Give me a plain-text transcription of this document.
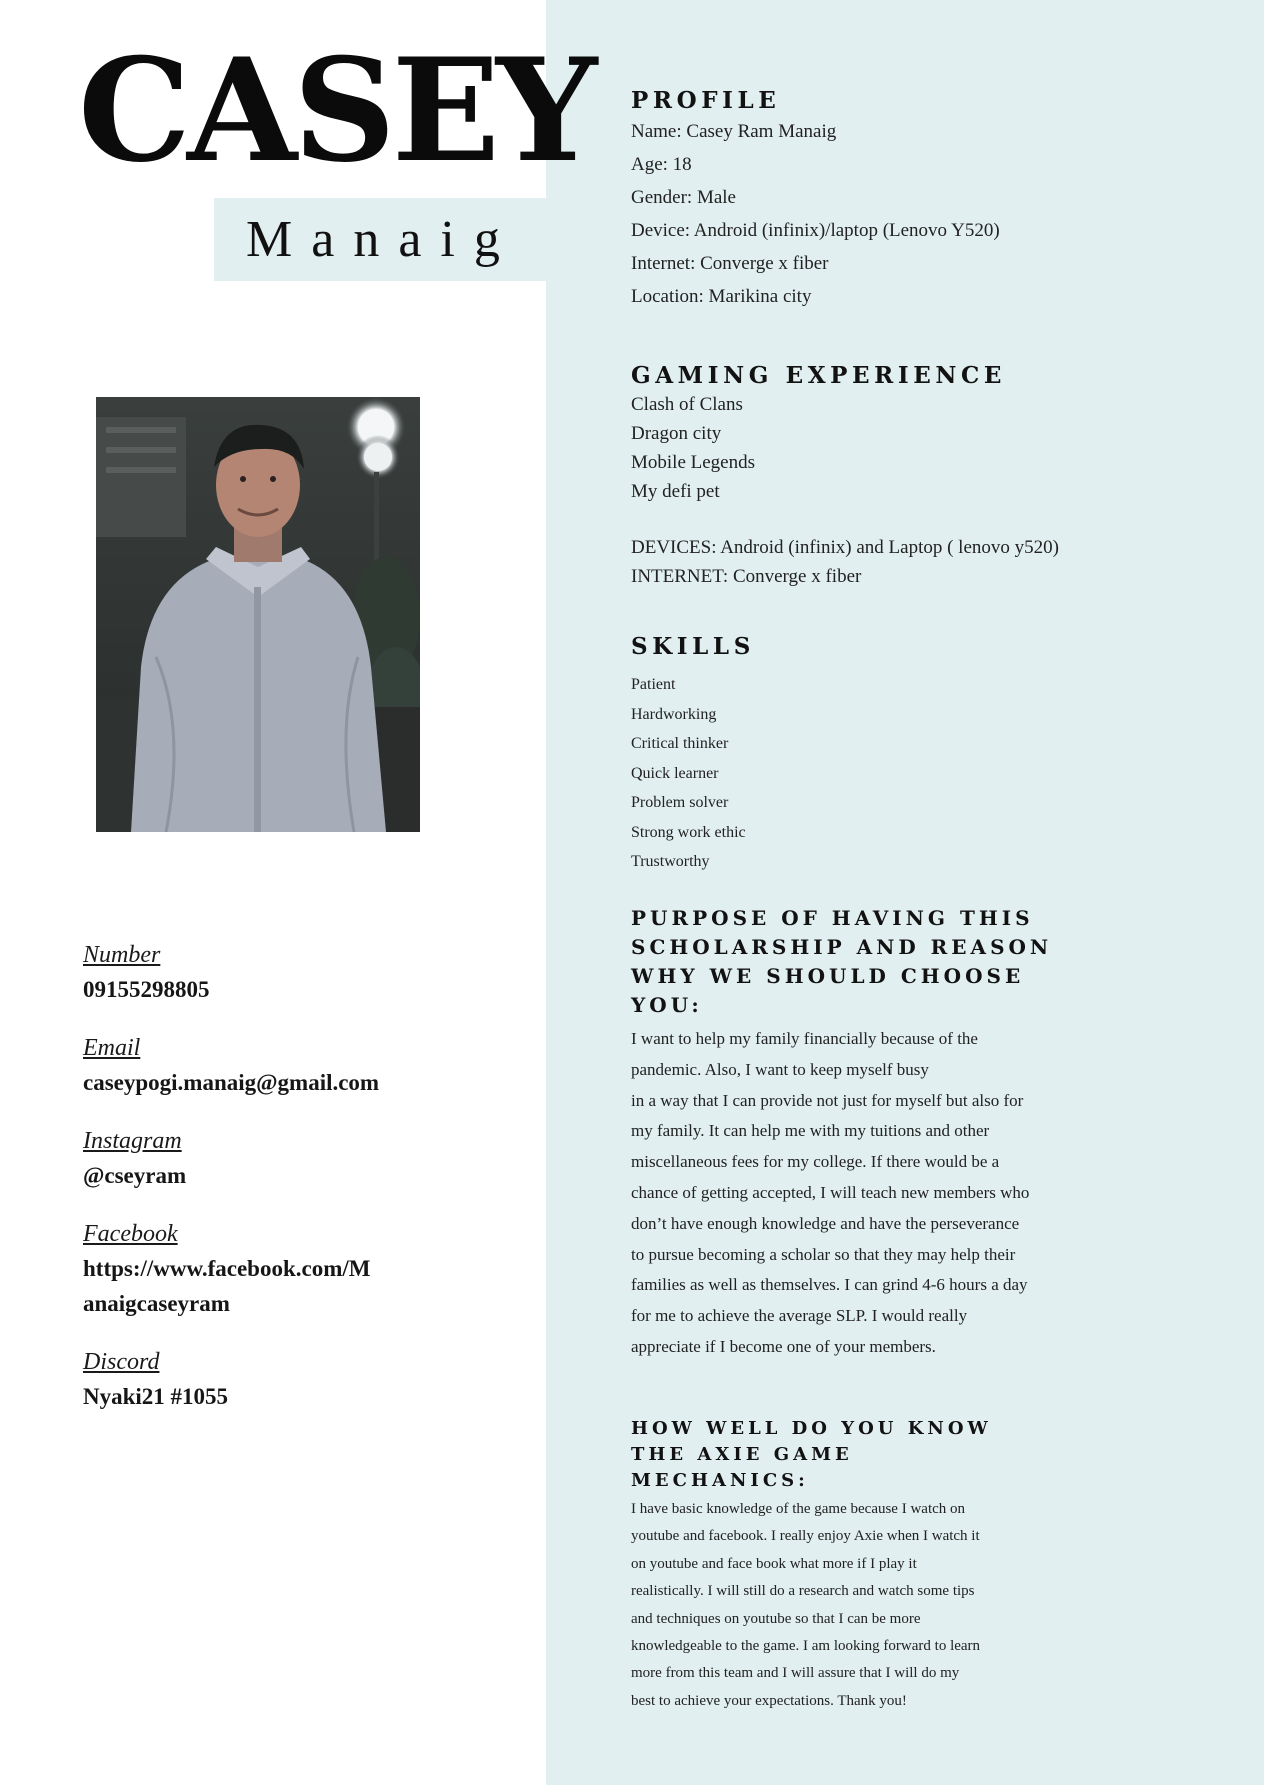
CASEY
Manaig

Number

09155298805

Email

caseypogi.manaig@gmail.com

Instagram

@cseyram

Facebook

https://www.facebook.com/M

anaigcaseyram

Discord

Nyaki21 #1055

PROFILE

Name: Casey Ram Manaig

Age: 18

Gender: Male

Device: Android (infinix)/laptop (Lenovo Y520)

Internet: Converge x fiber

Location: Marikina city

GAMING EXPERIENCE

Clash of Clans

Dragon city

Mobile Legends

My defi pet

DEVICES: Android (infinix) and Laptop ( lenovo y520)

INTERNET: Converge x fiber

SKILLS

Patient

Hardworking

Critical thinker

Quick learner

Problem solver

Strong work ethic

Trustworthy

PURPOSE OF HAVING THIS

SCHOLARSHIP AND REASON

WHY WE SHOULD CHOOSE

YOU:

I want to help my family financially because of the

pandemic. Also, I want to keep myself busy

in a way that I can provide not just for myself but also for

my family. It can help me with my tuitions and other

miscellaneous fees for my college. If there would be a

chance of getting accepted, I will teach new members who

don’t have enough knowledge and have the perseverance

to pursue becoming a scholar so that they may help their

families as well as themselves. I can grind 4-6 hours a day

for me to achieve the average SLP. I would really

appreciate if I become one of your members.

HOW WELL DO YOU KNOW

THE AXIE GAME

MECHANICS:

I have basic knowledge of the game because I watch on

youtube and facebook. I really enjoy Axie when I watch it

on youtube and face book what more if I play it

realistically. I will still do a research and watch some tips

and techniques on youtube so that I can be more

knowledgeable to the game. I am looking forward to learn

more from this team and I will assure that I will do my

best to achieve your expectations. Thank you!
